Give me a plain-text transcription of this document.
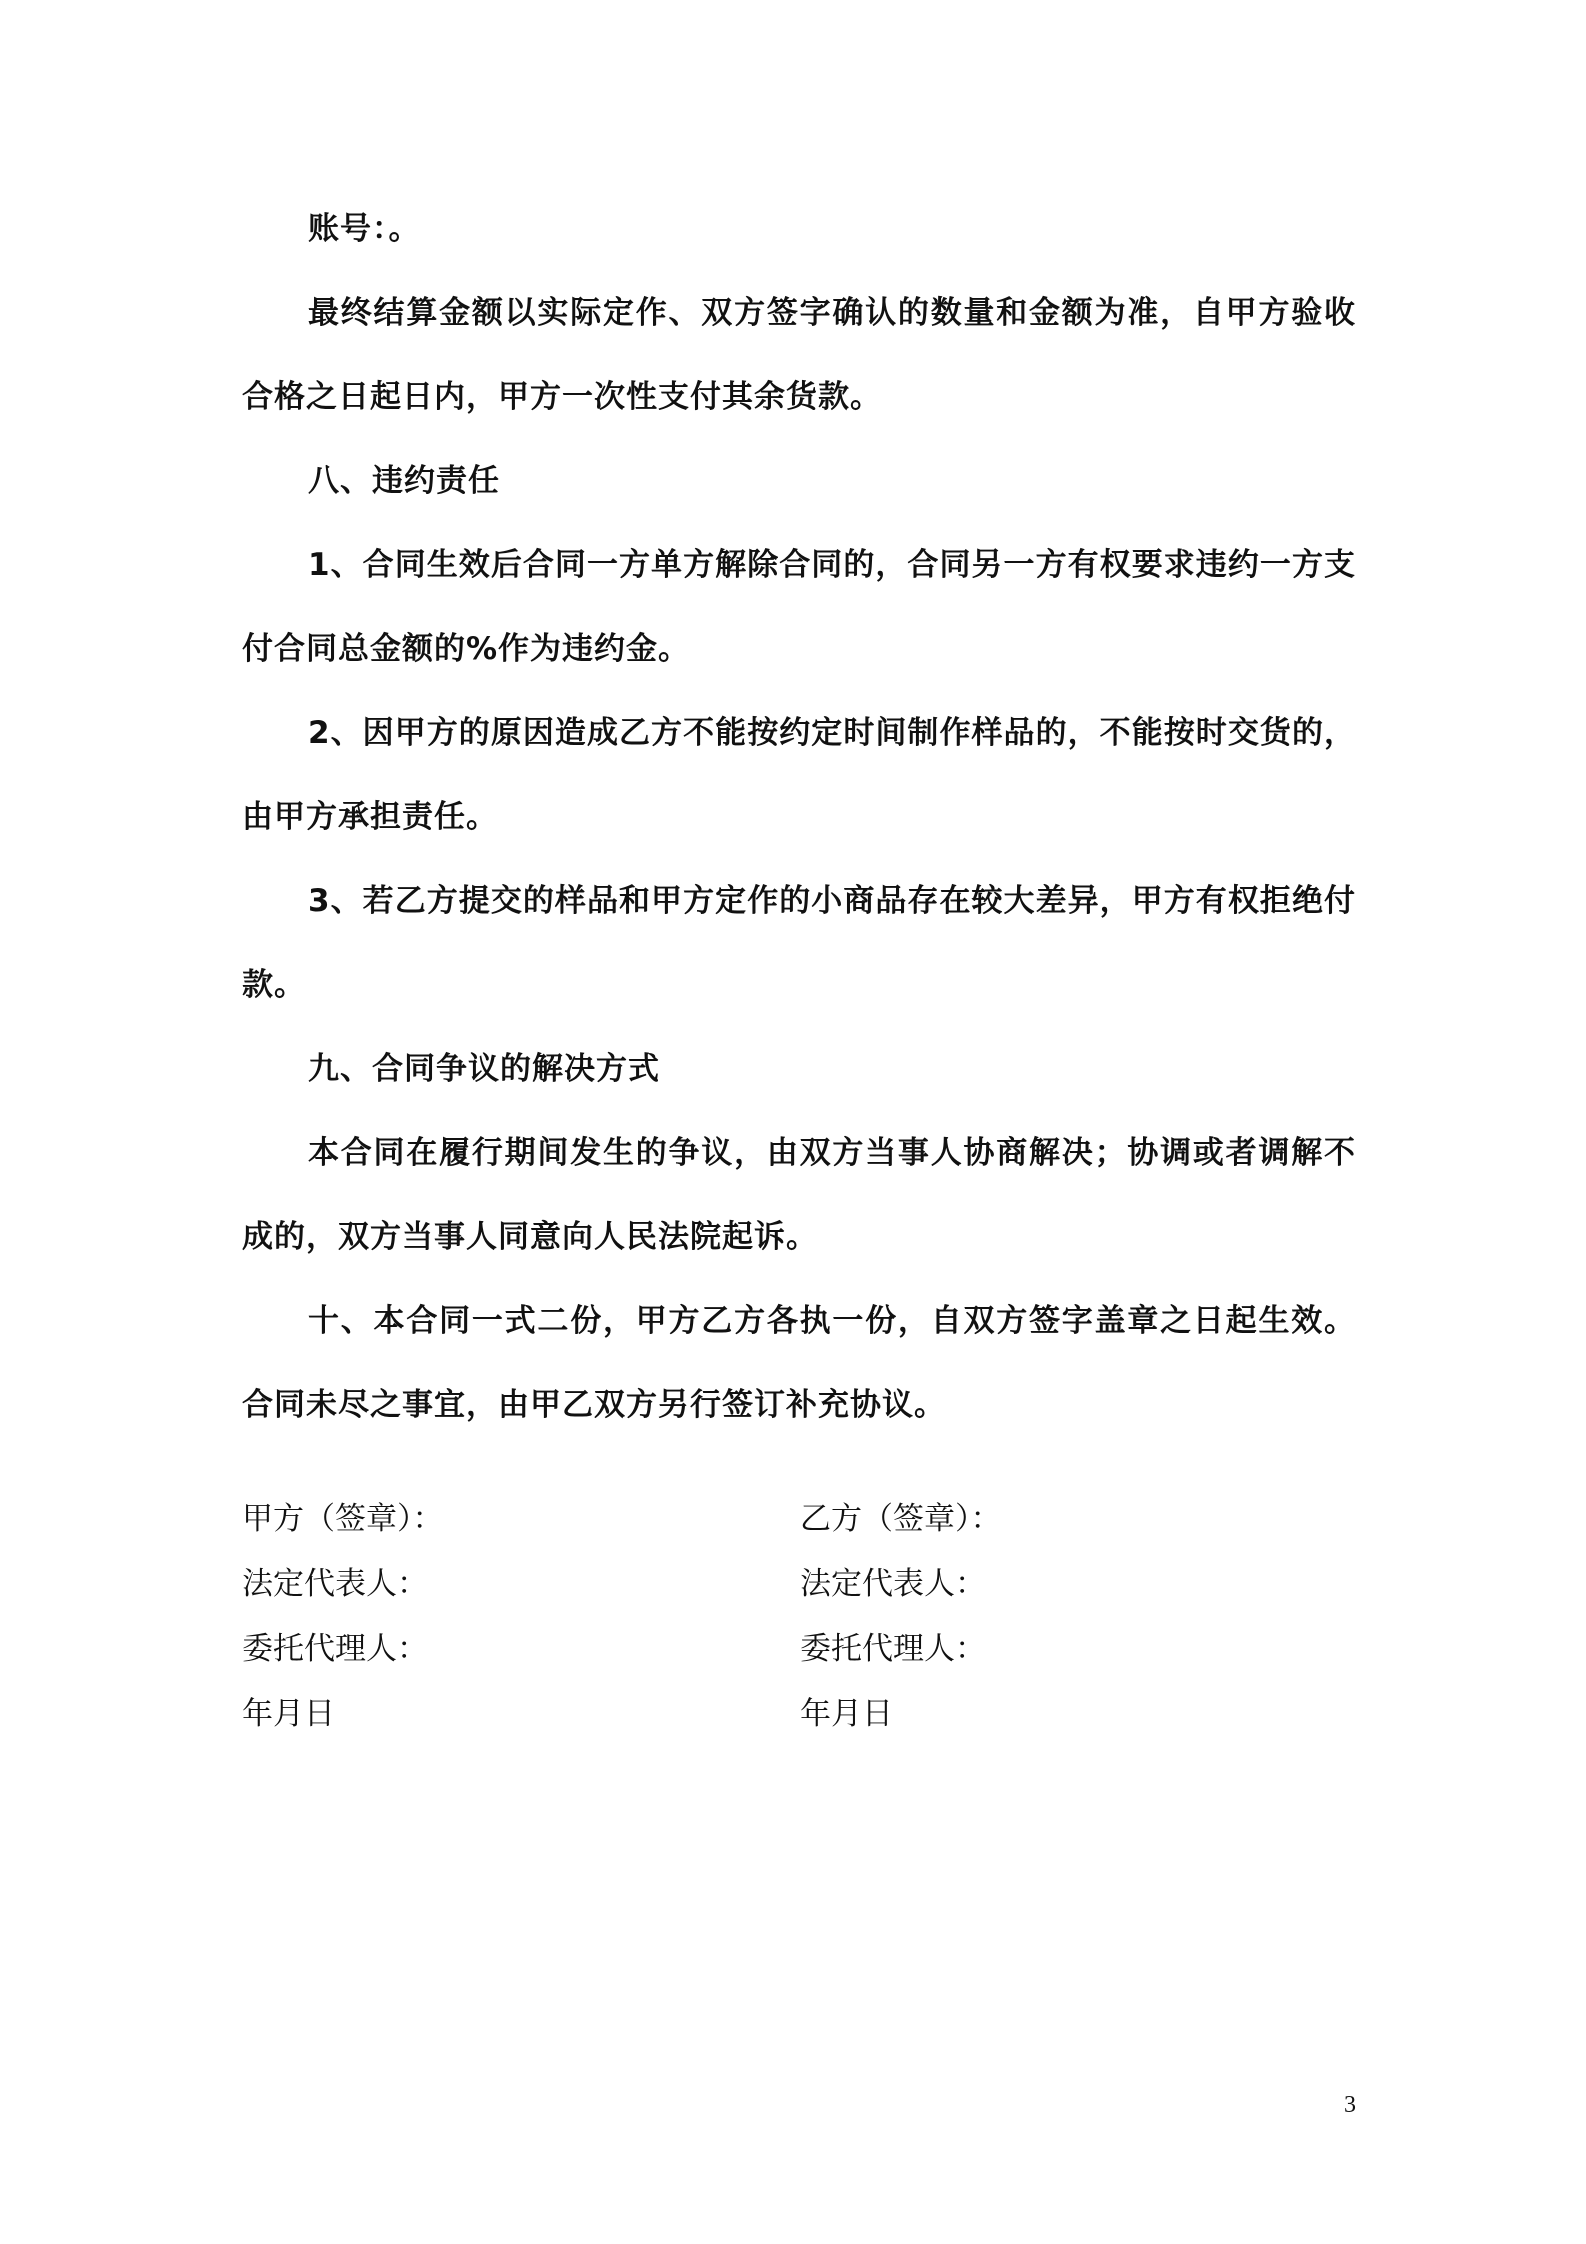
账号：。

最终结算金额以实际定作、双方签字确认的数量和金额为准，自甲方验收合格之日起日内，甲方一次性支付其余货款。

八、违约责任

1、合同生效后合同一方单方解除合同的，合同另一方有权要求违约一方支付合同总金额的%作为违约金。

2、因甲方的原因造成乙方不能按约定时间制作样品的，不能按时交货的，由甲方承担责任。

3、若乙方提交的样品和甲方定作的小商品存在较大差异，甲方有权拒绝付款。

九、合同争议的解决方式

本合同在履行期间发生的争议，由双方当事人协商解决；协调或者调解不成的，双方当事人同意向人民法院起诉。

十、本合同一式二份，甲方乙方各执一份，自双方签字盖章之日起生效。合同未尽之事宜，由甲乙双方另行签订补充协议。

甲方（签章）：
法定代表人：
委托代理人：
年月日
乙方（签章）：
法定代表人：
委托代理人：
年月日
3
